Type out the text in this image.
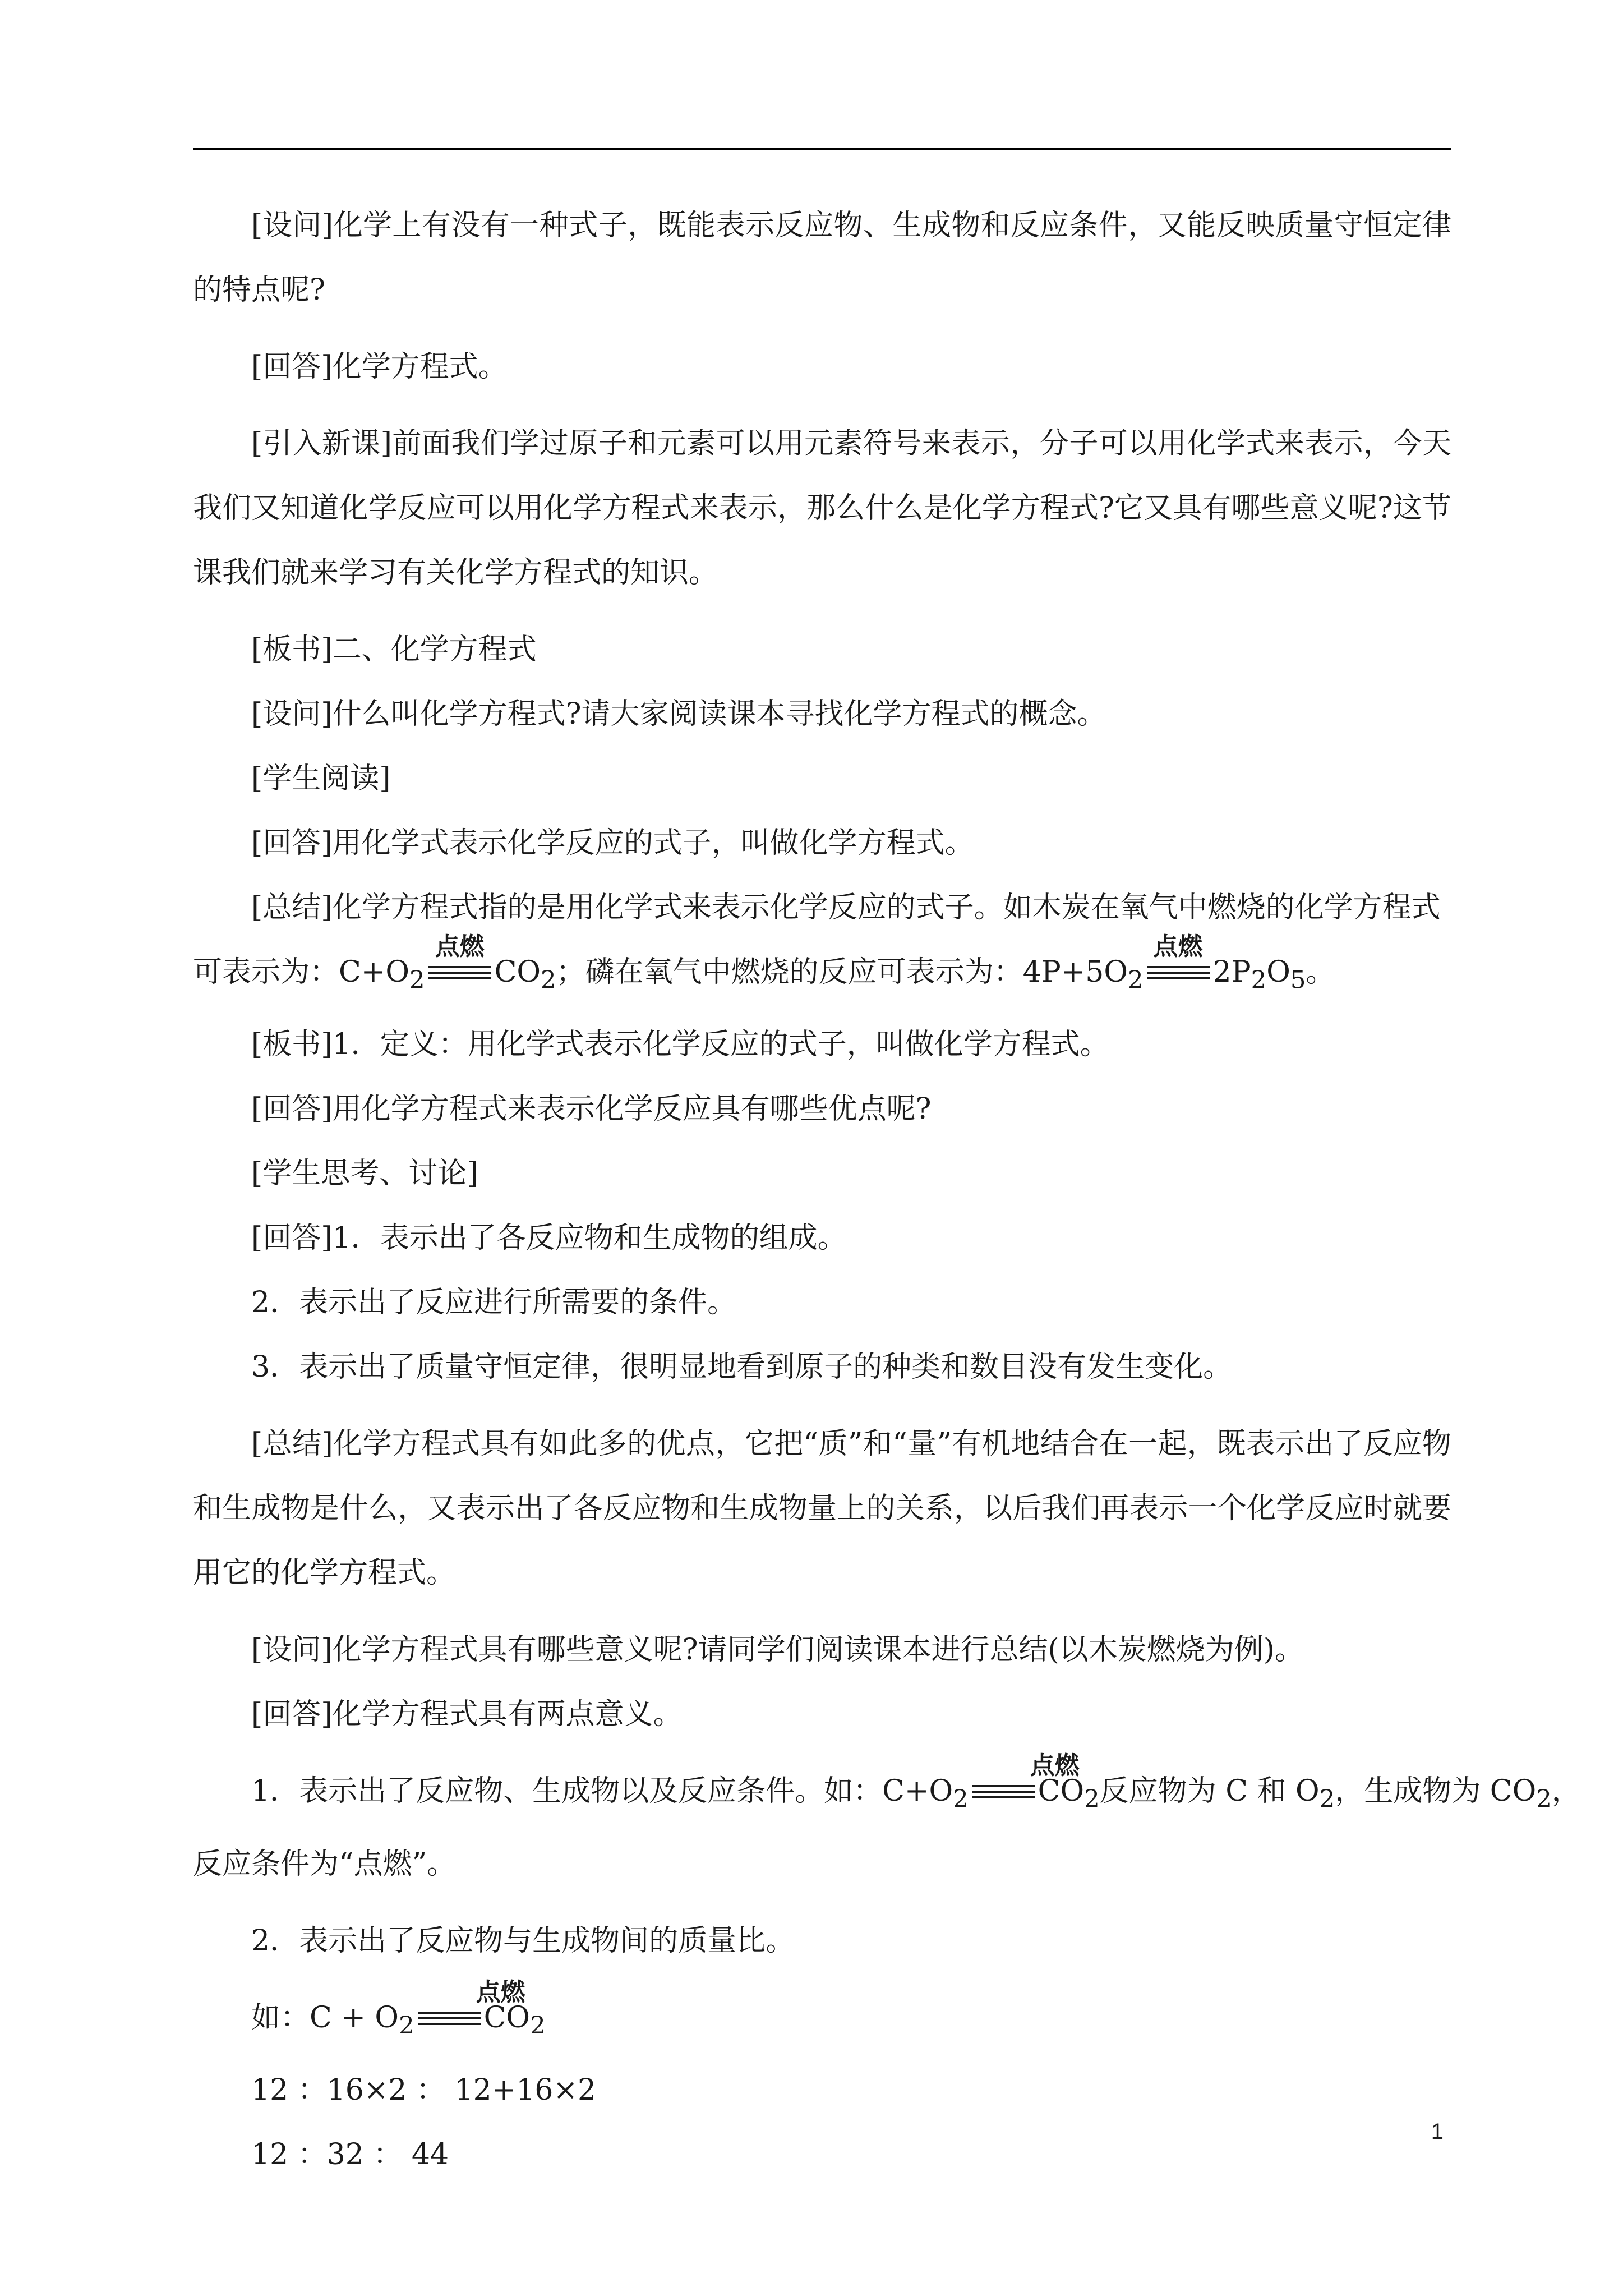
[设问]化学上有没有一种式子，既能表示反应物、生成物和反应条件，又能反映质量守恒定律的特点呢?

[回答]化学方程式。

[引入新课]前面我们学过原子和元素可以用元素符号来表示，分子可以用化学式来表示，今天我们又知道化学反应可以用化学方程式来表示，那么什么是化学方程式?它又具有哪些意义呢?这节课我们就来学习有关化学方程式的知识。

[板书]二、化学方程式

[设问]什么叫化学方程式?请大家阅读课本寻找化学方程式的概念。

[学生阅读]

[回答]用化学式表示化学反应的式子，叫做化学方程式。

[总结]化学方程式指的是用化学式来表示化学反应的式子。如木炭在氧气中燃烧的化学方程式

可表示为：$C+O_2$
点燃
$CO_2$；磷在氧气中燃烧的反应可表示为：$4P+5O_2$
点燃
$2P_2O_5$。

[板书]1．定义：用化学式表示化学反应的式子，叫做化学方程式。

[回答]用化学方程式来表示化学反应具有哪些优点呢?

[学生思考、讨论]

[回答]1．表示出了各反应物和生成物的组成。

2．表示出了反应进行所需要的条件。

3．表示出了质量守恒定律，很明显地看到原子的种类和数目没有发生变化。

[总结]化学方程式具有如此多的优点，它把“质”和“量”有机地结合在一起，既表示出了反应物和生成物是什么，又表示出了各反应物和生成物量上的关系，以后我们再表示一个化学反应时就要用它的化学方程式。

[设问]化学方程式具有哪些意义呢?请同学们阅读课本进行总结(以木炭燃烧为例)。

[回答]化学方程式具有两点意义。

1．表示出了反应物、生成物以及反应条件。如：$C+O_2$
点燃
$CO_2$反应物为 C 和 $O_2$，生成物为 $CO_2$，

反应条件为“点燃”。

2．表示出了反应物与生成物间的质量比。

如：$C + O_2$
点燃
$CO_2$

12 ：16×2 ： 12+16×2

12 ：32 ： 44

1
